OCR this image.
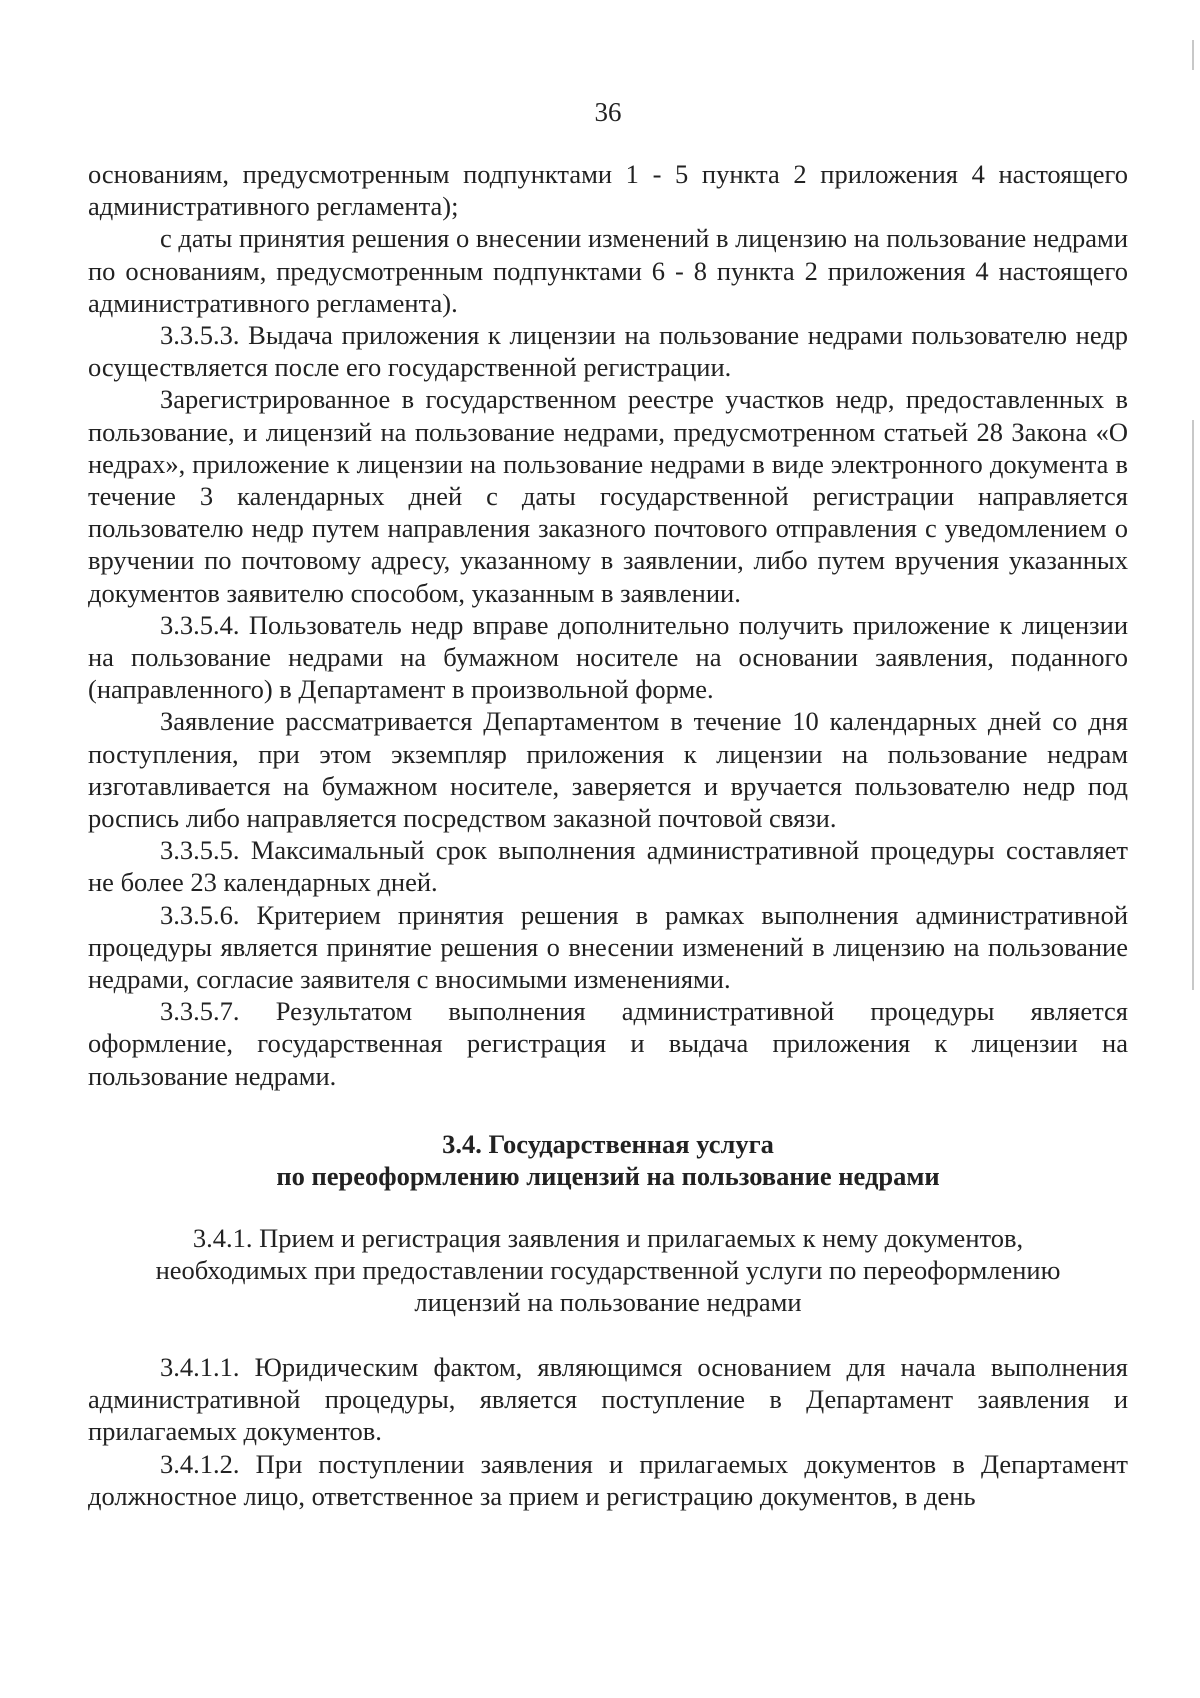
36

основаниям, предусмотренным подпунктами 1 - 5 пункта 2 приложения 4 настоящего административного регламента);

с даты принятия решения о внесении изменений в лицензию на пользование недрами по основаниям, предусмотренным подпунктами 6 - 8 пункта 2 приложения 4 настоящего административного регламента).

3.3.5.3. Выдача приложения к лицензии на пользование недрами пользователю недр осуществляется после его государственной регистрации.

Зарегистрированное в государственном реестре участков недр, предоставленных в пользование, и лицензий на пользование недрами, предусмотренном статьей 28 Закона «О недрах», приложение к лицензии на пользование недрами в виде электронного документа в течение 3 календарных дней с даты государственной регистрации направляется пользователю недр путем направления заказного почтового отправления с уведомлением о вручении по почтовому адресу, указанному в заявлении, либо путем вручения указанных документов заявителю способом, указанным в заявлении.

3.3.5.4. Пользователь недр вправе дополнительно получить приложение к лицензии на пользование недрами на бумажном носителе на основании заявления, поданного (направленного) в Департамент в произвольной форме.

Заявление рассматривается Департаментом в течение 10 календарных дней со дня поступления, при этом экземпляр приложения к лицензии на пользование недрам изготавливается на бумажном носителе, заверяется и вручается пользователю недр под роспись либо направляется посредством заказной почтовой связи.

3.3.5.5. Максимальный срок выполнения административной процедуры составляет не более 23 календарных дней.

3.3.5.6. Критерием принятия решения в рамках выполнения административной процедуры является принятие решения о внесении изменений в лицензию на пользование недрами, согласие заявителя с вносимыми изменениями.

3.3.5.7. Результатом выполнения административной процедуры является оформление, государственная регистрация и выдача приложения к лицензии на пользование недрами.

3.4. Государственная услуга
по переоформлению лицензий на пользование недрами
3.4.1. Прием и регистрация заявления и прилагаемых к нему документов,
необходимых при предоставлении государственной услуги по переоформлению
лицензий на пользование недрами

3.4.1.1. Юридическим фактом, являющимся основанием для начала выполнения административной процедуры, является поступление в Департамент заявления и прилагаемых документов.

3.4.1.2. При поступлении заявления и прилагаемых документов в Департамент должностное лицо, ответственное за прием и регистрацию документов, в день
